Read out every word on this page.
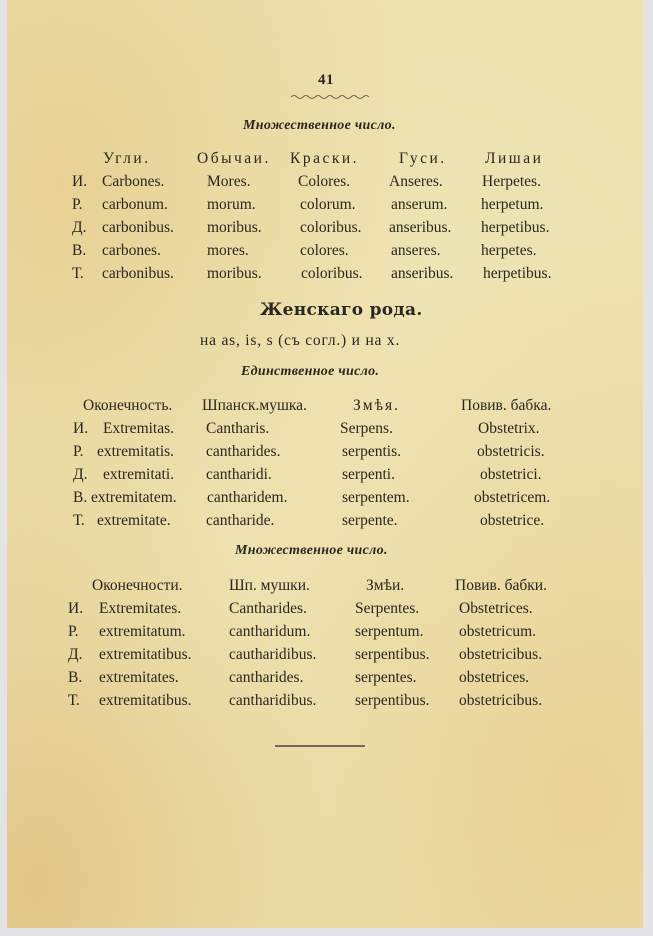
41
Множественное число.
Угли.	Обычаи. Краски.	Гуси. Лишаи
И. Carbones.	Mores.	Colores.	Anseres.	Herpetes.
Р. carbonum.	morum.	colorum. anserum. herpetum.
Д. carbonibus. moribus. coloribus. anseribus. herpetibus.
В. carbones.	mores.	colores.	anseres.	herpetes.
Т. carbonibus. moribus.	coloribus. anseribus. herpetibus.
Женскаго рода.
на as, is, s (съ согл.) и на x.
Единственное число.
Оконечность. Шпанск.мушка.	Змѣя.	Повив. бабка.
И. Extremitas. Cantharis.	Serpens.	Obstetrix.
Р. extremitatis. cantharides.	serpentis.	obstetricis.
Д. extremitati. cantharidi.	serpenti.	obstetrici.
В. extremitatem. cantharidem.	serpentem.	obstetricem.
Т. extremitate. cantharide.	serpente.	obstetrice.
Множественное число.
Оконечности.	Шп. мушки.	Змѣи.	Повив. бабки.
И. Extremitates.	Cantharides.	Serpentes.	Obstetrices.
Р. extremitatum.	cantharidum.	serpentum. obstetricum.
Д. extremitatibus. cautharidibus. serpentibus. obstetricibus.
В. extremitates.	cantharides.	serpentes.	obstetrices.
Т. extremitatibus. cantharidibus. serpentibus. obstetricibus.
